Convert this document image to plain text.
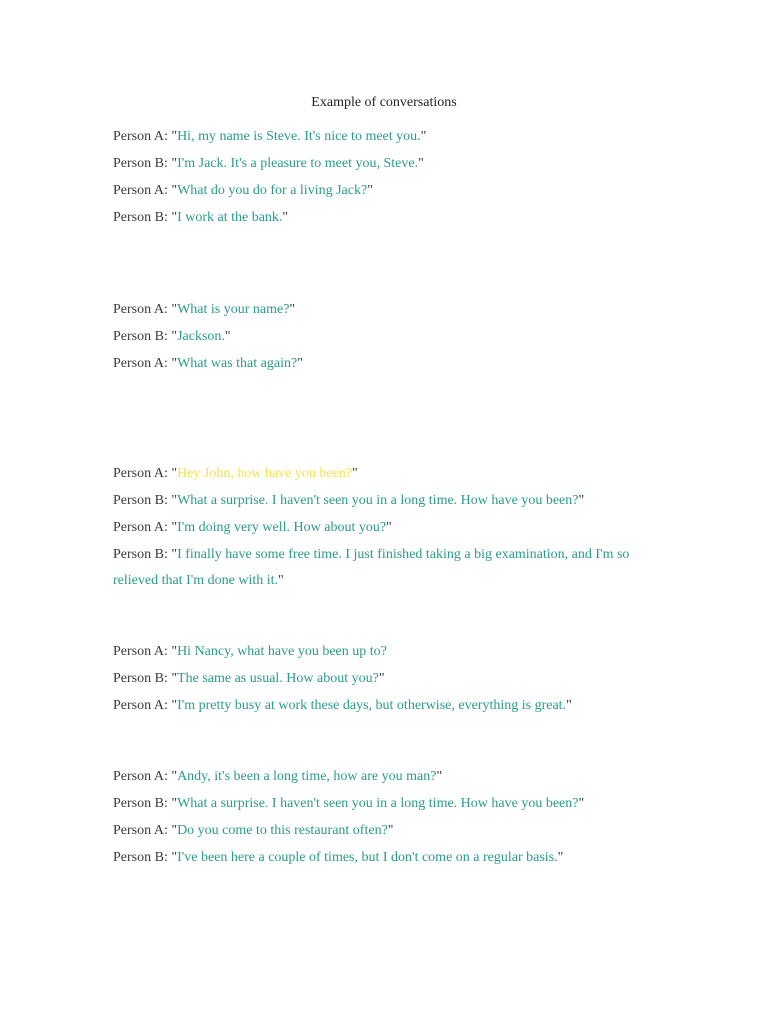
Example of conversations
Person A: "Hi, my name is Steve. It's nice to meet you."
Person B: "I'm Jack. It's a pleasure to meet you, Steve."
Person A: "What do you do for a living Jack?"
Person B: "I work at the bank."
Person A: "What is your name?"
Person B: "Jackson."
Person A: "What was that again?"
Person A: "Hey John, how have you been?"
Person B: "What a surprise. I haven't seen you in a long time. How have you been?"
Person A: "I'm doing very well. How about you?"
Person B: "I finally have some free time. I just finished taking a big examination, and I'm so relieved that I'm done with it."
Person A: "Hi Nancy, what have you been up to?
Person B: "The same as usual. How about you?"
Person A: "I'm pretty busy at work these days, but otherwise, everything is great."
Person A: "Andy, it's been a long time, how are you man?"
Person B: "What a surprise. I haven't seen you in a long time. How have you been?"
Person A: "Do you come to this restaurant often?"
Person B: "I've been here a couple of times, but I don't come on a regular basis."
